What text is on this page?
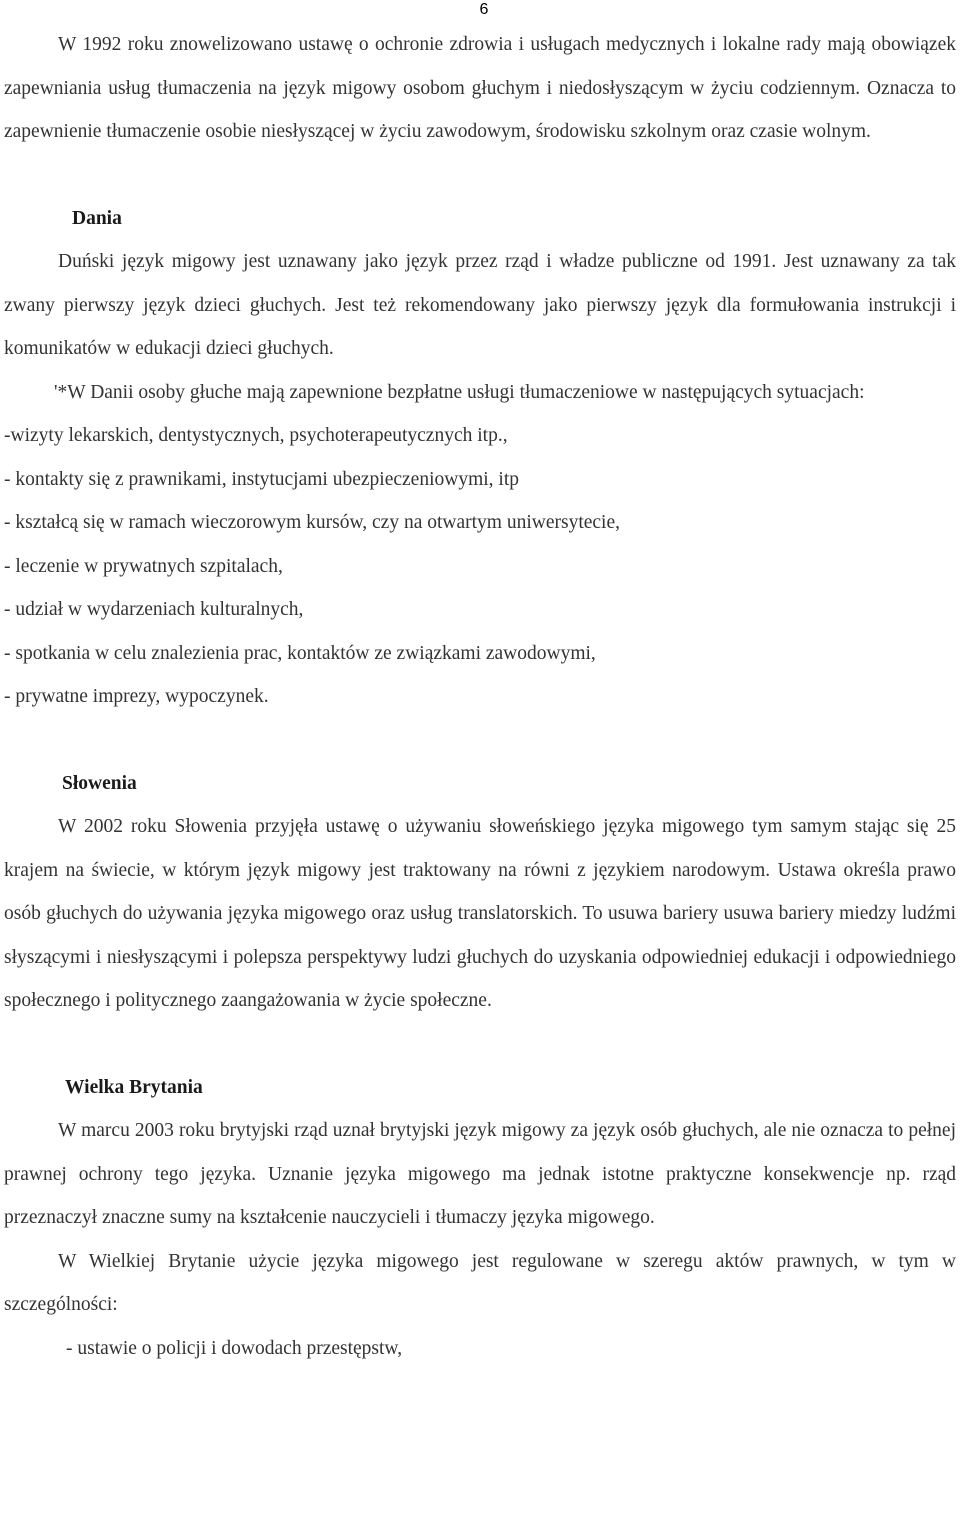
6

W 1992 roku znowelizowano ustawę o ochronie zdrowia i usługach medycznych i lokalne rady mają obowiązek zapewniania usług tłumaczenia na język migowy osobom głuchym i niedosłyszącym w życiu codziennym. Oznacza to zapewnienie tłumaczenie osobie niesłyszącej w życiu zawodowym, środowisku szkolnym oraz czasie wolnym.

Dania

Duński język migowy jest uznawany jako język przez rząd i władze publiczne od 1991. Jest uznawany za tak zwany pierwszy język dzieci głuchych. Jest też rekomendowany jako pierwszy język dla formułowania instrukcji i komunikatów w edukacji dzieci głuchych.

'*W Danii osoby głuche mają zapewnione bezpłatne usługi tłumaczeniowe w następujących sytuacjach:

-wizyty lekarskich, dentystycznych, psychoterapeutycznych itp.,

- kontakty się z prawnikami, instytucjami ubezpieczeniowymi, itp

- kształcą się w ramach wieczorowym kursów, czy na otwartym uniwersytecie,

- leczenie w prywatnych szpitalach,

- udział w wydarzeniach kulturalnych,

- spotkania w celu znalezienia prac, kontaktów ze związkami zawodowymi,

- prywatne imprezy, wypoczynek.

Słowenia

W 2002 roku Słowenia przyjęła ustawę o używaniu słoweńskiego języka migowego tym samym stając się 25 krajem na świecie, w którym język migowy jest traktowany na równi z językiem narodowym. Ustawa określa prawo osób głuchych do używania języka migowego oraz usług translatorskich. To usuwa bariery usuwa bariery miedzy ludźmi słyszącymi i niesłyszącymi i polepsza perspektywy ludzi głuchych do uzyskania odpowiedniej edukacji i odpowiedniego społecznego i politycznego zaangażowania w życie społeczne.

Wielka Brytania

W marcu 2003 roku brytyjski rząd uznał brytyjski język migowy za język osób głuchych, ale nie oznacza to pełnej prawnej ochrony tego języka. Uznanie języka migowego ma jednak istotne praktyczne konsekwencje np. rząd przeznaczył znaczne sumy na kształcenie nauczycieli i tłumaczy języka migowego.

W Wielkiej Brytanie użycie języka migowego jest regulowane w szeregu aktów prawnych, w tym w szczególności:

- ustawie o policji i dowodach przestępstw,
